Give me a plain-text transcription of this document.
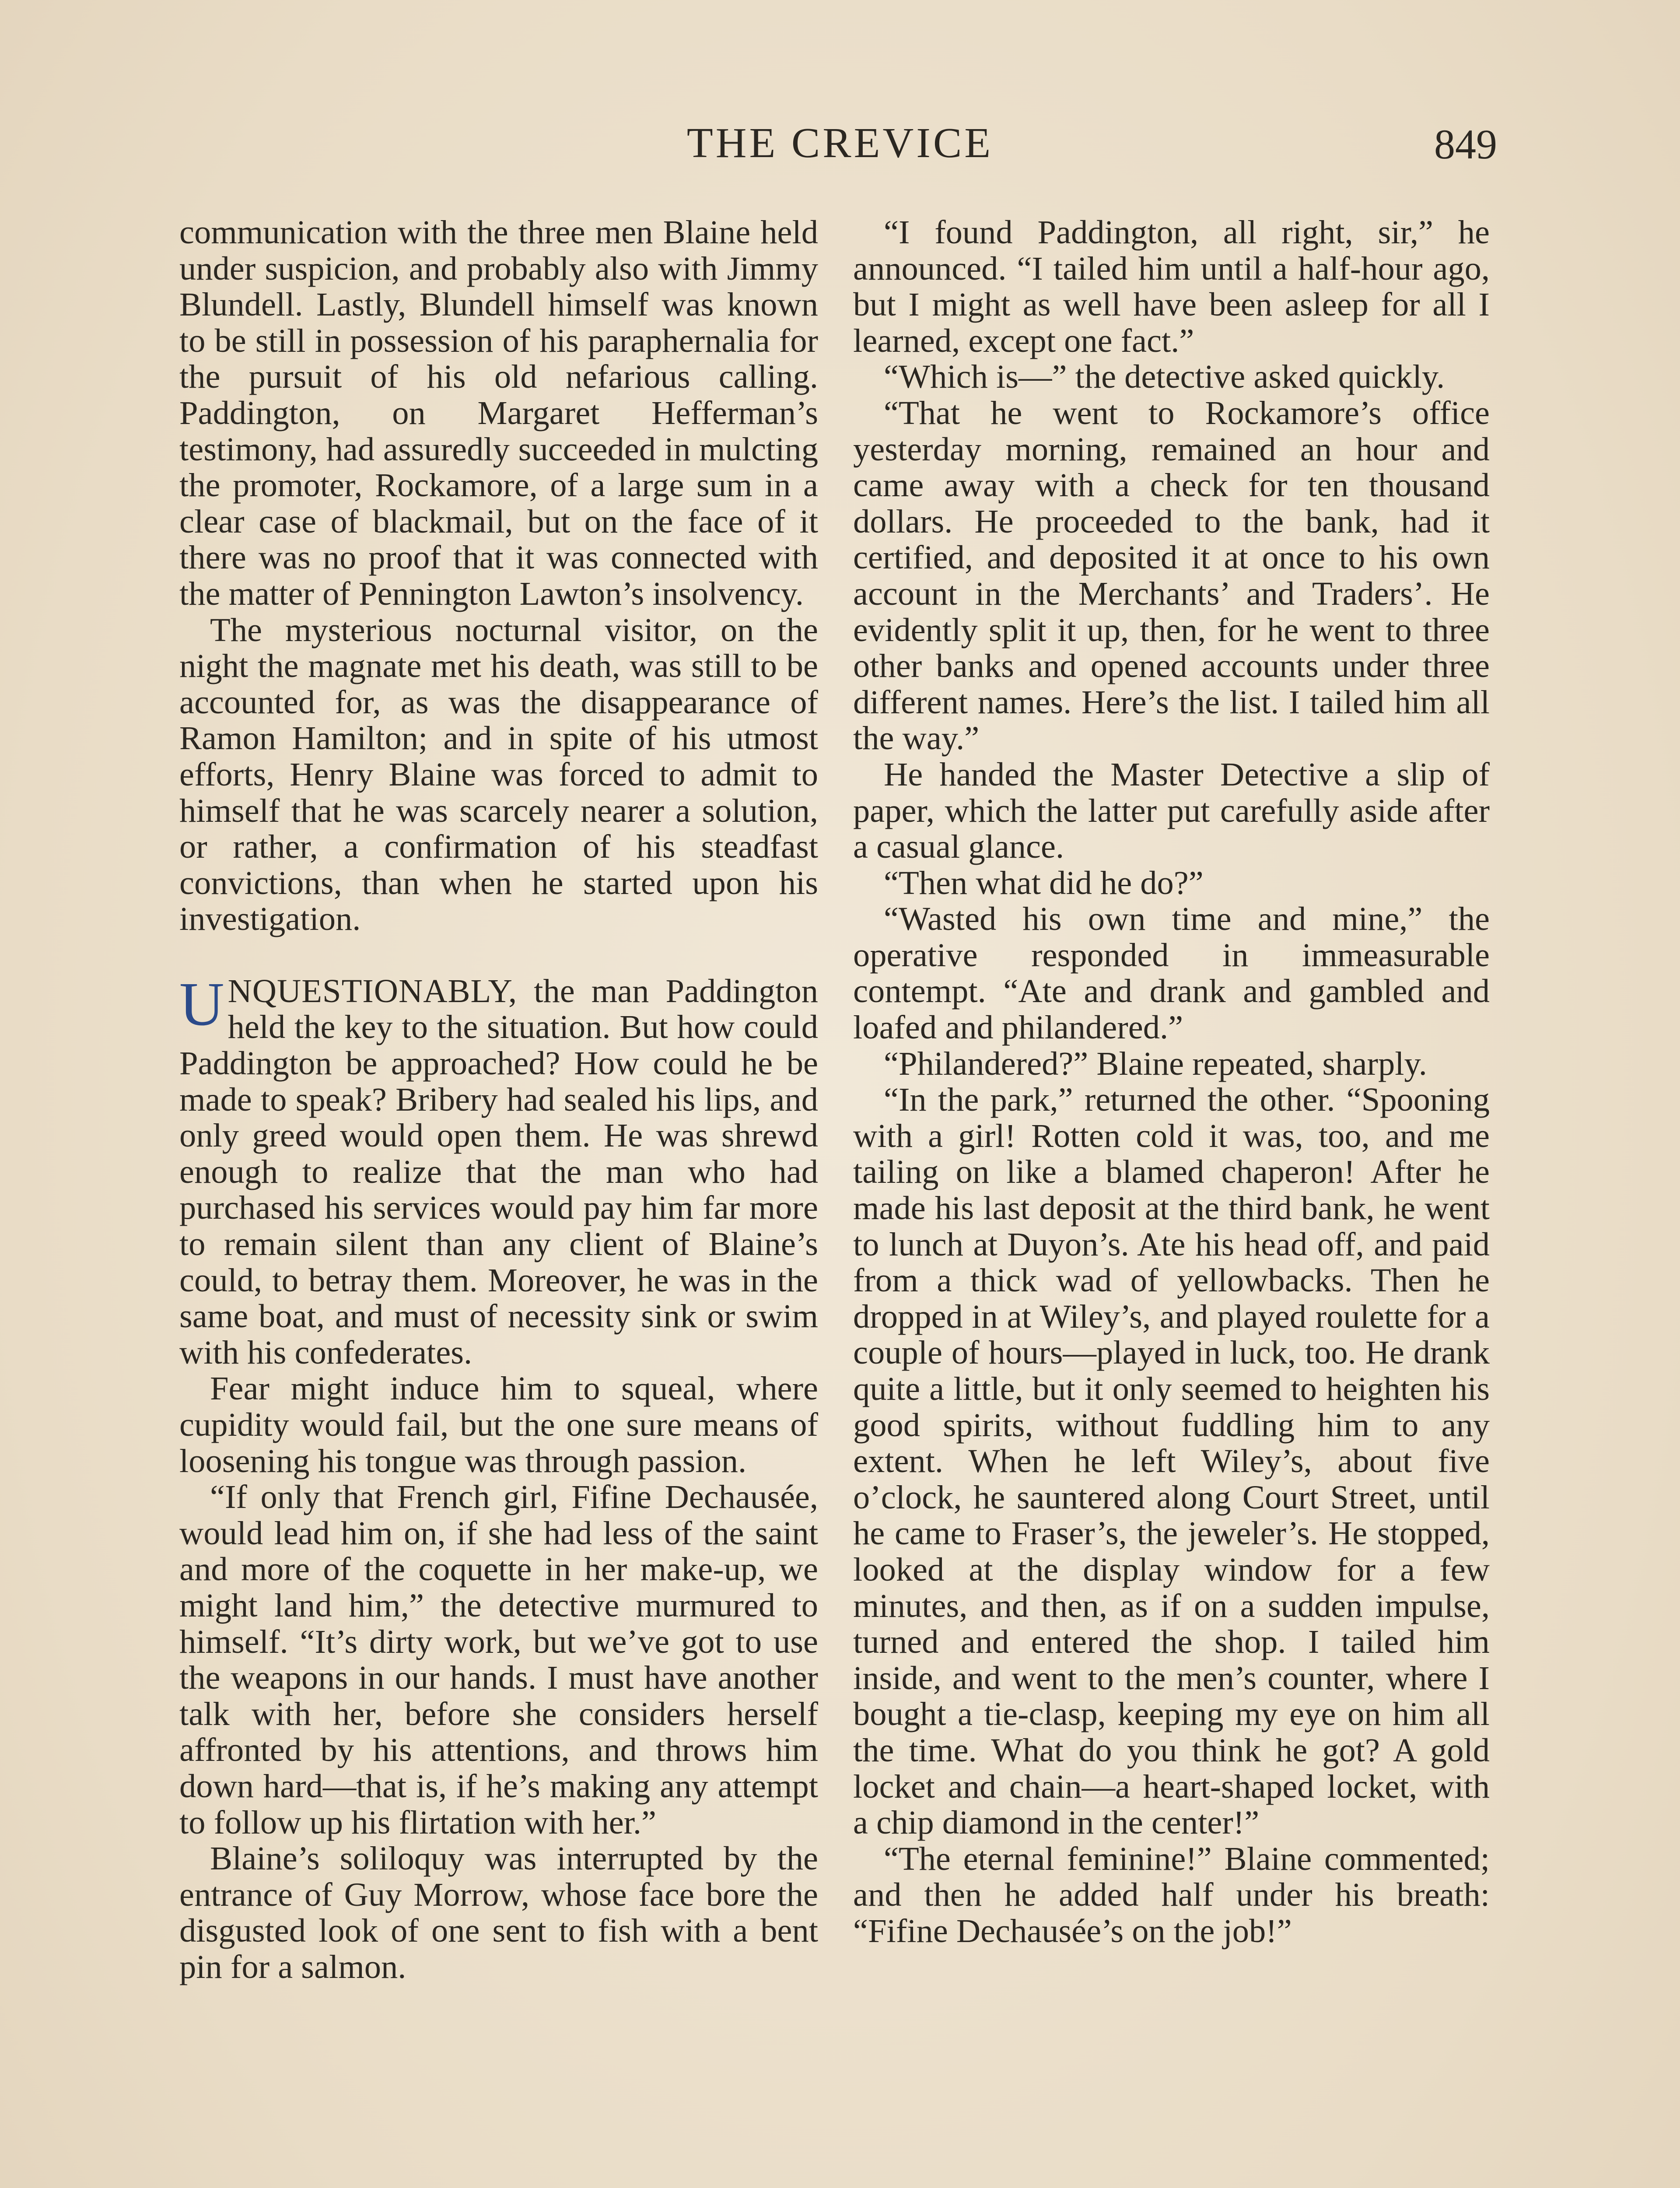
THE CREVICE	849

communication with the three men Blaine held under suspicion, and probably also with Jimmy Blundell. Lastly, Blundell himself was known to be still in possession of his paraphernalia for the pursuit of his old nefarious calling. Paddington, on Margaret Hefferman’s testimony, had assuredly succeeded in mulcting the promoter, Rockamore, of a large sum in a clear case of blackmail, but on the face of it there was no proof that it was connected with the matter of Pennington Lawton’s insolvency.

The mysterious nocturnal visitor, on the night the magnate met his death, was still to be accounted for, as was the disappearance of Ramon Hamilton; and in spite of his utmost efforts, Henry Blaine was forced to admit to himself that he was scarcely nearer a solution, or rather, a confirmation of his steadfast convictions, than when he started upon his investigation.

UNQUESTIONABLY, the man Paddington held the key to the situation. But how could Paddington be approached? How could he be made to speak? Bribery had sealed his lips, and only greed would open them. He was shrewd enough to realize that the man who had purchased his services would pay him far more to remain silent than any client of Blaine’s could, to betray them. Moreover, he was in the same boat, and must of necessity sink or swim with his confederates.

Fear might induce him to squeal, where cupidity would fail, but the one sure means of loosening his tongue was through passion.

“If only that French girl, Fifine Dechausée, would lead him on, if she had less of the saint and more of the coquette in her make-up, we might land him,” the detective murmured to himself. “It’s dirty work, but we’ve got to use the weapons in our hands. I must have another talk with her, before she considers herself affronted by his attentions, and throws him down hard—that is, if he’s making any attempt to follow up his flirtation with her.”

Blaine’s soliloquy was interrupted by the entrance of Guy Morrow, whose face bore the disgusted look of one sent to fish with a bent pin for a salmon.

“I found Paddington, all right, sir,” he announced. “I tailed him until a half-hour ago, but I might as well have been asleep for all I learned, except one fact.”

“Which is—” the detective asked quickly.

“That he went to Rockamore’s office yesterday morning, remained an hour and came away with a check for ten thousand dollars. He proceeded to the bank, had it certified, and deposited it at once to his own account in the Merchants’ and Traders’. He evidently split it up, then, for he went to three other banks and opened accounts under three different names. Here’s the list. I tailed him all the way.”

He handed the Master Detective a slip of paper, which the latter put carefully aside after a casual glance.

“Then what did he do?”

“Wasted his own time and mine,” the operative responded in immeasurable contempt. “Ate and drank and gambled and loafed and philandered.”

“Philandered?” Blaine repeated, sharply.

“In the park,” returned the other. “Spooning with a girl! Rotten cold it was, too, and me tailing on like a blamed chaperon! After he made his last deposit at the third bank, he went to lunch at Duyon’s. Ate his head off, and paid from a thick wad of yellowbacks. Then he dropped in at Wiley’s, and played roulette for a couple of hours—played in luck, too. He drank quite a little, but it only seemed to heighten his good spirits, without fuddling him to any extent. When he left Wiley’s, about five o’clock, he sauntered along Court Street, until he came to Fraser’s, the jeweler’s. He stopped, looked at the display window for a few minutes, and then, as if on a sudden impulse, turned and entered the shop. I tailed him inside, and went to the men’s counter, where I bought a tie-clasp, keeping my eye on him all the time. What do you think he got? A gold locket and chain—a heart-shaped locket, with a chip diamond in the center!”

“The eternal feminine!” Blaine commented; and then he added half under his breath: “Fifine Dechausée’s on the job!”
